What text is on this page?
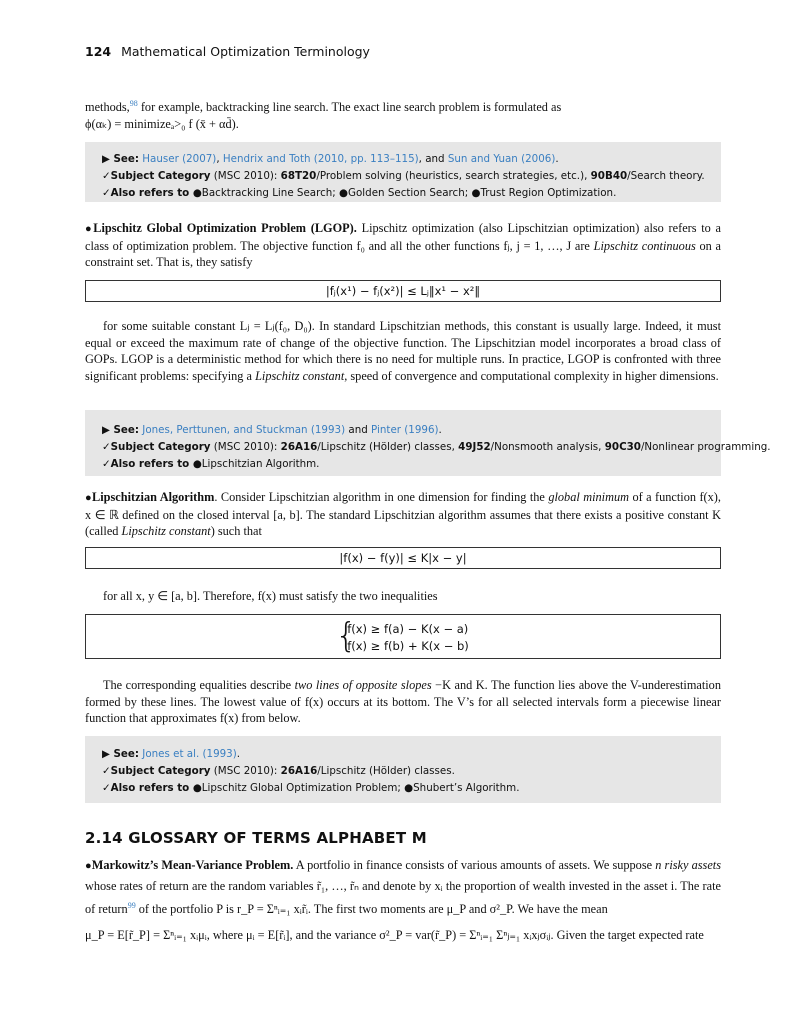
124 Mathematical Optimization Terminology

methods,$^{98}$ for example, backtracking line search. The exact line search problem is formulated as

ϕ(αₖ) = minimizeₐ>₀ f (x̄ + αd̄).

▶ See: Hauser (2007), Hendrix and Toth (2010, pp. 113–115), and Sun and Yuan (2006).
✓Subject Category (MSC 2010): 68T20/Problem solving (heuristics, search strategies, etc.), 90B40/Search theory.
✓Also refers to ●Backtracking Line Search; ●Golden Section Search; ●Trust Region Optimization.

●Lipschitz Global Optimization Problem (LGOP). Lipschitz optimization (also Lipschitzian optimization) also refers to a class of optimization problem. The objective function f₀ and all the other functions fⱼ, j = 1, …, J are Lipschitz continuous on a constraint set. That is, they satisfy

|fⱼ(x¹) − fⱼ(x²)| ≤ Lⱼ‖x¹ − x²‖

for some suitable constant Lⱼ = Lⱼ(f₀, D₀). In standard Lipschitzian methods, this constant is usually large. Indeed, it must equal or exceed the maximum rate of change of the objective function. The Lipschitzian model incorporates a broad class of GOPs. LGOP is a deterministic method for which there is no need for multiple runs. In practice, LGOP is confronted with three significant problems: specifying a Lipschitz constant, speed of convergence and computational complexity in higher dimensions.

▶ See: Jones, Perttunen, and Stuckman (1993) and Pinter (1996).
✓Subject Category (MSC 2010): 26A16/Lipschitz (Hölder) classes, 49J52/Nonsmooth analysis, 90C30/Nonlinear programming.
✓Also refers to ●Lipschitzian Algorithm.

●Lipschitzian Algorithm. Consider Lipschitzian algorithm in one dimension for finding the global minimum of a function f(x), x ∈ ℝ defined on the closed interval [a, b]. The standard Lipschitzian algorithm assumes that there exists a positive constant K (called Lipschitz constant) such that

|f(x) − f(y)| ≤ K|x − y|

for all x, y ∈ [a, b]. Therefore, f(x) must satisfy the two inequalities

{
f(x) ≥ f(a) − K(x − a)
f(x) ≥ f(b) + K(x − b)

The corresponding equalities describe two lines of opposite slopes −K and K. The function lies above the V-underestimation formed by these lines. The lowest value of f(x) occurs at its bottom. The V’s for all selected intervals form a piecewise linear function that approximates f(x) from below.

▶ See: Jones et al. (1993).
✓Subject Category (MSC 2010): 26A16/Lipschitz (Hölder) classes.
✓Also refers to ●Lipschitz Global Optimization Problem; ●Shubert’s Algorithm.
2.14 GLOSSARY OF TERMS ALPHABET M

●Markowitz’s Mean-Variance Problem. A portfolio in finance consists of various amounts of assets. We suppose n risky assets whose rates of return are the random variables r̃₁, …, r̃ₙ and denote by xᵢ the proportion of wealth invested in the asset i. The rate of return$^{99}$ of the portfolio P is r_P = Σⁿᵢ₌₁ xᵢr̃ᵢ. The first two moments are μ_P and σ²_P. We have the mean

μ_P = E[r̃_P] = Σⁿᵢ₌₁ xᵢμᵢ, where μᵢ = E[r̃ᵢ], and the variance σ²_P = var(r̃_P) = Σⁿᵢ₌₁ Σⁿⱼ₌₁ xᵢxⱼσᵢⱼ. Given the target expected rate
